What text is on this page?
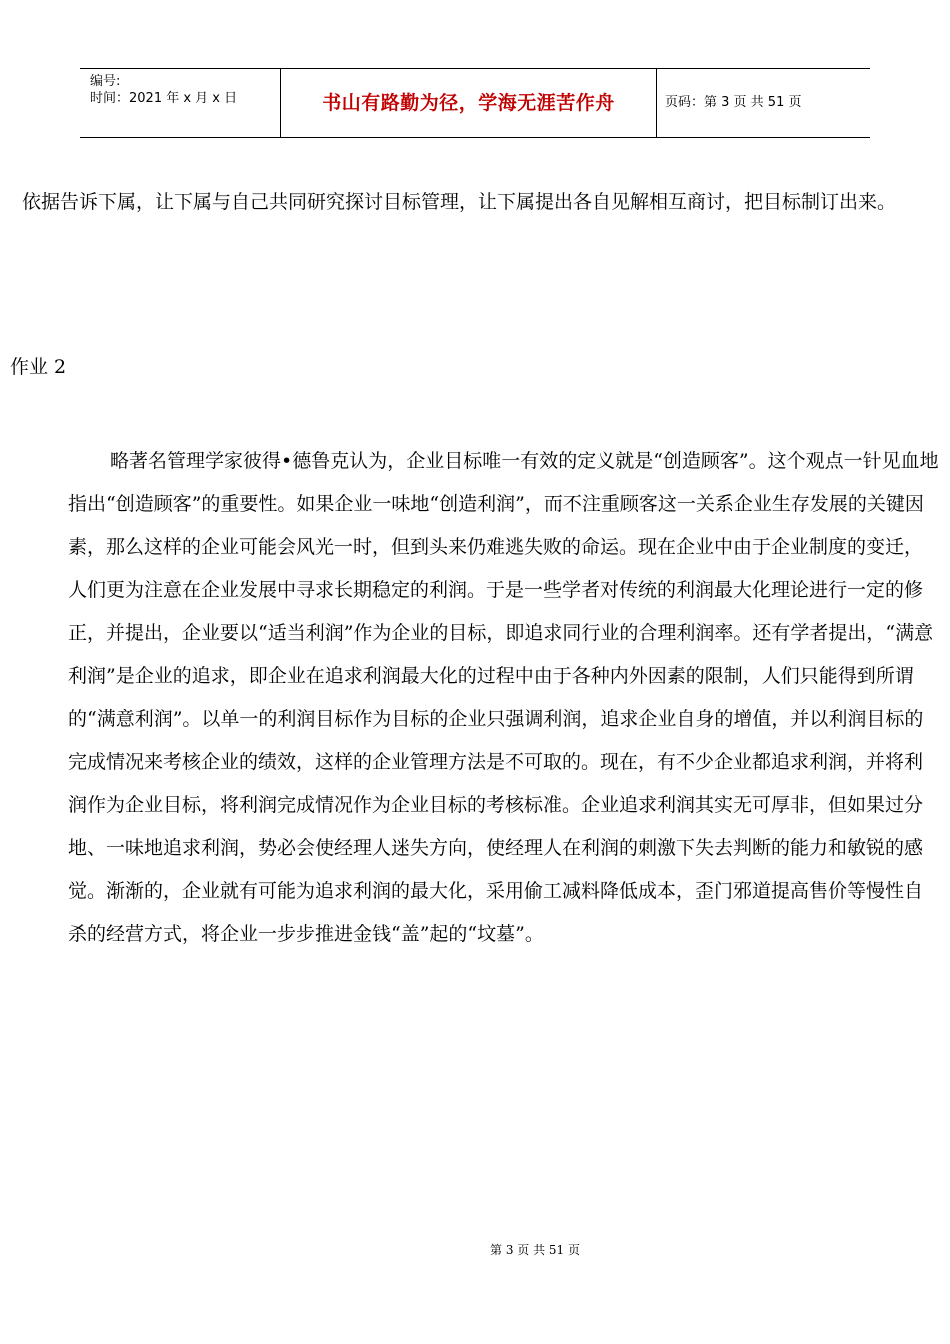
编号:
时间：2021 年 x 月 x 日	书山有路勤为径，学海无涯苦作舟	页码：第 3 页 共 51 页

依据告诉下属，让下属与自己共同研究探讨目标管理，让下属提出各自见解相互商讨，把目标制订出来。

作业 2

略著名管理学家彼得•德鲁克认为，企业目标唯一有效的定义就是“创造顾客”。这个观点一针见血地指出“创造顾客”的重要性。如果企业一味地“创造利润”，而不注重顾客这一关系企业生存发展的关键因素，那么这样的企业可能会风光一时，但到头来仍难逃失败的命运。现在企业中由于企业制度的变迁，人们更为注意在企业发展中寻求长期稳定的利润。于是一些学者对传统的利润最大化理论进行一定的修正，并提出，企业要以“适当利润”作为企业的目标，即追求同行业的合理利润率。还有学者提出，“满意利润”是企业的追求，即企业在追求利润最大化的过程中由于各种内外因素的限制，人们只能得到所谓的“满意利润”。以单一的利润目标作为目标的企业只强调利润，追求企业自身的增值，并以利润目标的完成情况来考核企业的绩效，这样的企业管理方法是不可取的。现在，有不少企业都追求利润，并将利润作为企业目标，将利润完成情况作为企业目标的考核标准。企业追求利润其实无可厚非，但如果过分地、一味地追求利润，势必会使经理人迷失方向，使经理人在利润的刺激下失去判断的能力和敏锐的感觉。渐渐的，企业就有可能为追求利润的最大化，采用偷工减料降低成本，歪门邪道提高售价等慢性自杀的经营方式，将企业一步步推进金钱“盖”起的“坟墓”。

第 3 页 共 51 页
